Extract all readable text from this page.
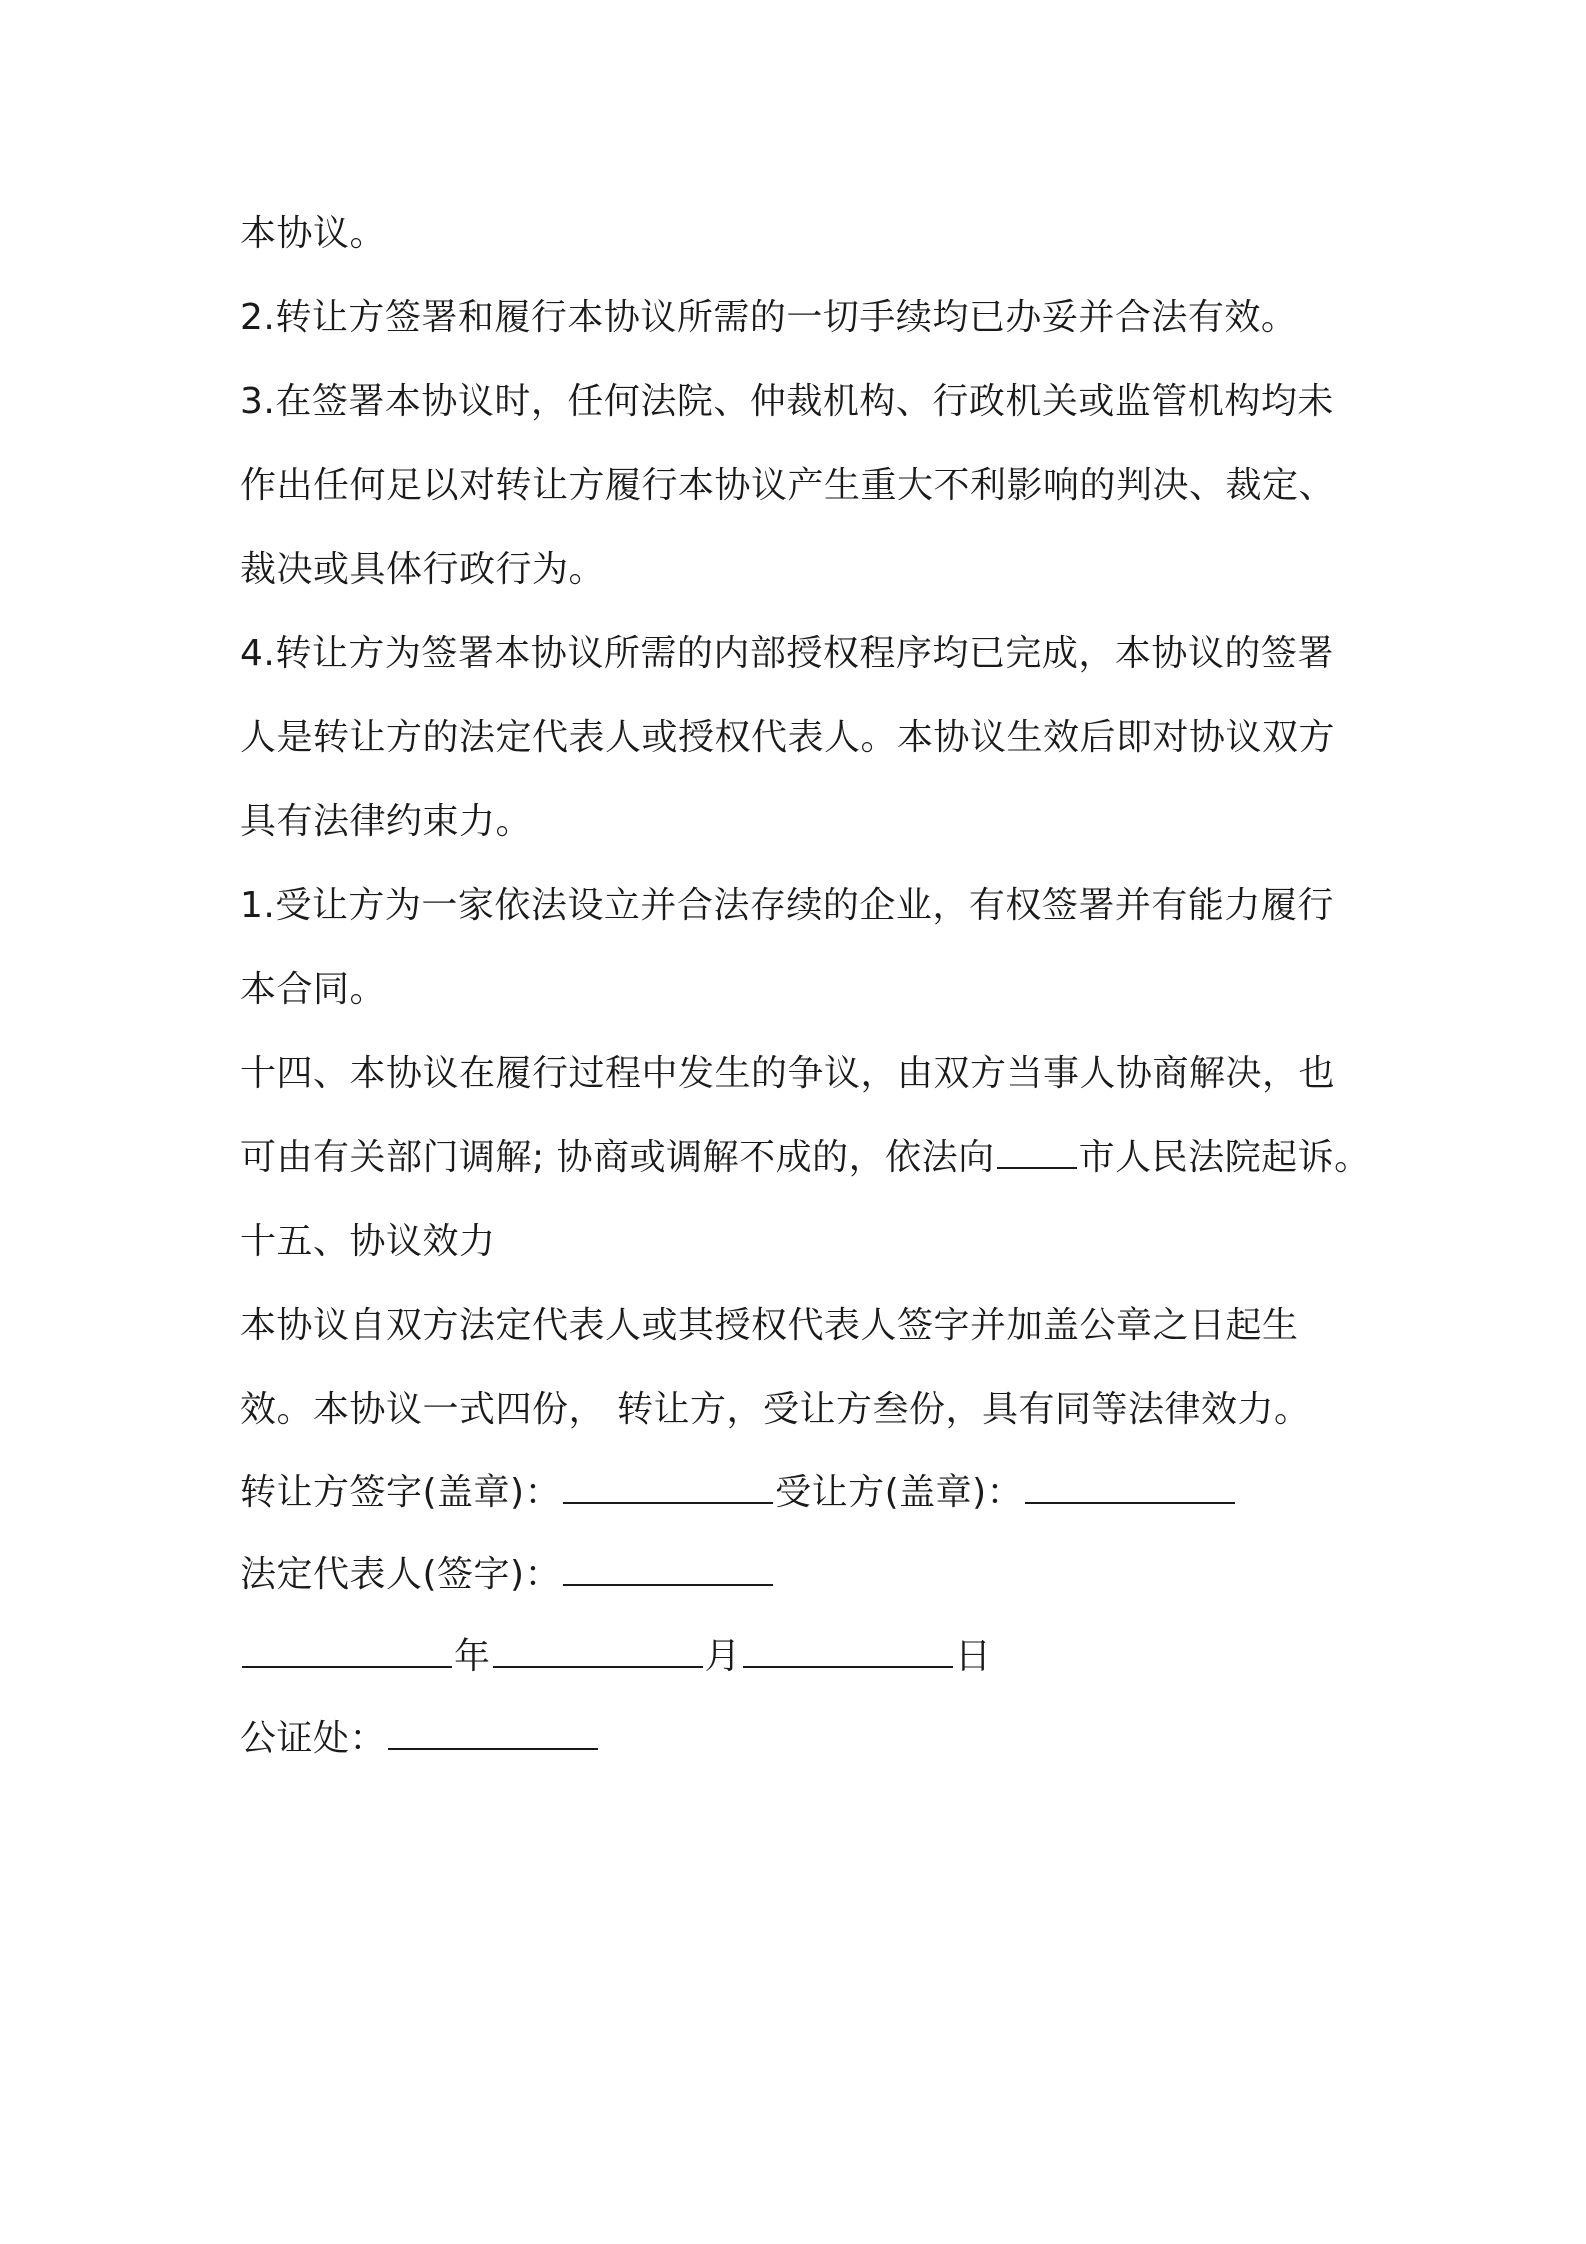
本协议。
2.转让方签署和履行本协议所需的一切手续均已办妥并合法有效。
3.在签署本协议时，任何法院、仲裁机构、行政机关或监管机构均未
作出任何足以对转让方履行本协议产生重大不利影响的判决、裁定、
裁决或具体行政行为。
4.转让方为签署本协议所需的内部授权程序均已完成，本协议的签署
人是转让方的法定代表人或授权代表人。本协议生效后即对协议双方
具有法律约束力。
1.受让方为一家依法设立并合法存续的企业，有权签署并有能力履行
本合同。
十四、本协议在履行过程中发生的争议，由双方当事人协商解决，也
可由有关部门调解; 协商或调解不成的，依法向 市人民法院起诉。
十五、协议效力
本协议自双方法定代表人或其授权代表人签字并加盖公章之日起生
效。本协议一式四份， 转让方，受让方叁份，具有同等法律效力。
转让方签字(盖章)：	受让方(盖章)：
法定代表人(签字)：
年	月	日
公证处：
